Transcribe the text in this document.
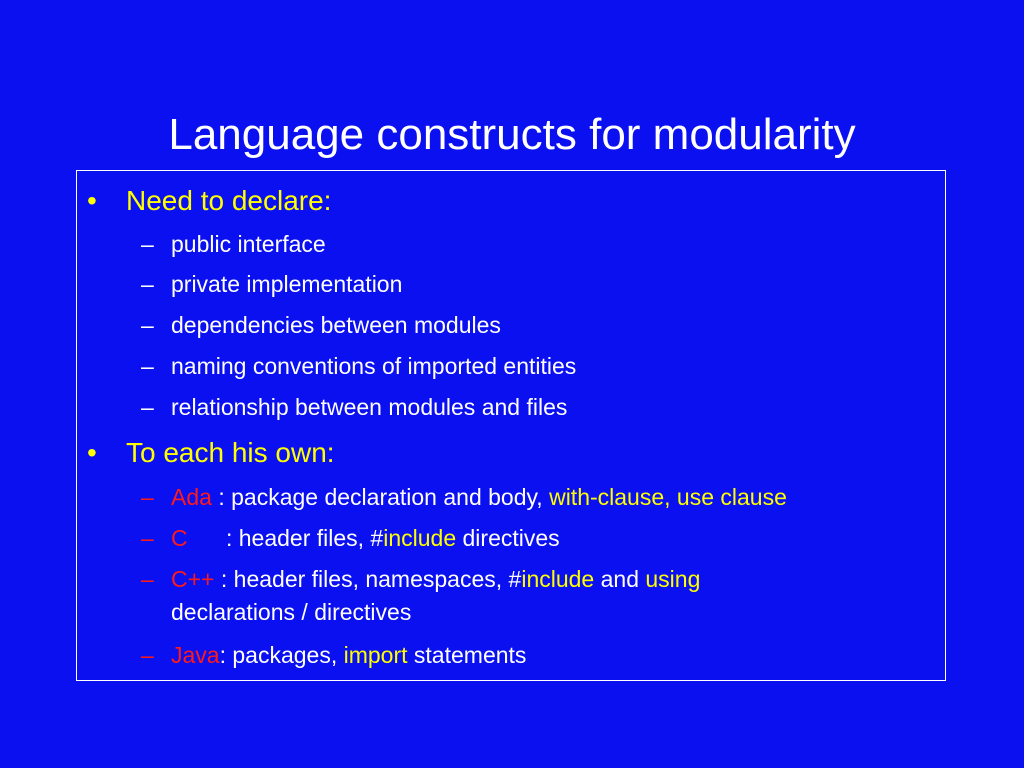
Language constructs for modularity
• Need to declare:
– public interface
– private implementation
– dependencies between modules
– naming conventions of imported entities
– relationship between modules and files
• To each his own:
– Ada : package declaration and body, with-clause, use clause
– C      : header files, #include directives
– C++ : header files, namespaces, #include and using
declarations / directives
– Java: packages, import statements
